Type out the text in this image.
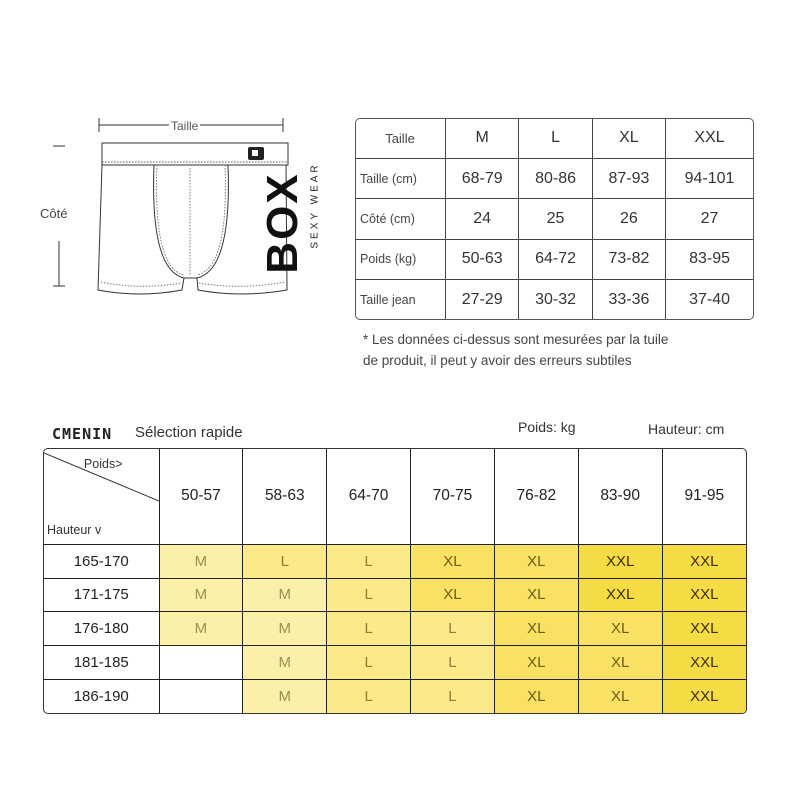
Taille
Côté	BOX SEXY WEAR
Taille	M	L	XL	XXL
Taille (cm)	68-79	80-86	87-93	94-101
Côté (cm)	24	25	26	27
Poids (kg)	50-63	64-72	73-82	83-95
Taille jean	27-29	30-32	33-36	37-40
* Les données ci-dessus sont mesurées par la tuile
de produit, il peut y avoir des erreurs subtiles
CMENIN Sélection rapide	Poids: kg	Hauteur: cm
Poids>
Hauteur v	50-57	58-63	64-70	70-75	76-82	83-90	91-95
165-170	M	L	L	XL	XL	XXL	XXL
171-175	M	M	L	XL	XL	XXL	XXL
176-180	M	M	L	L	XL	XL	XXL
181-185		M	L	L	XL	XL	XXL
186-190		M	L	L	XL	XL	XXL
